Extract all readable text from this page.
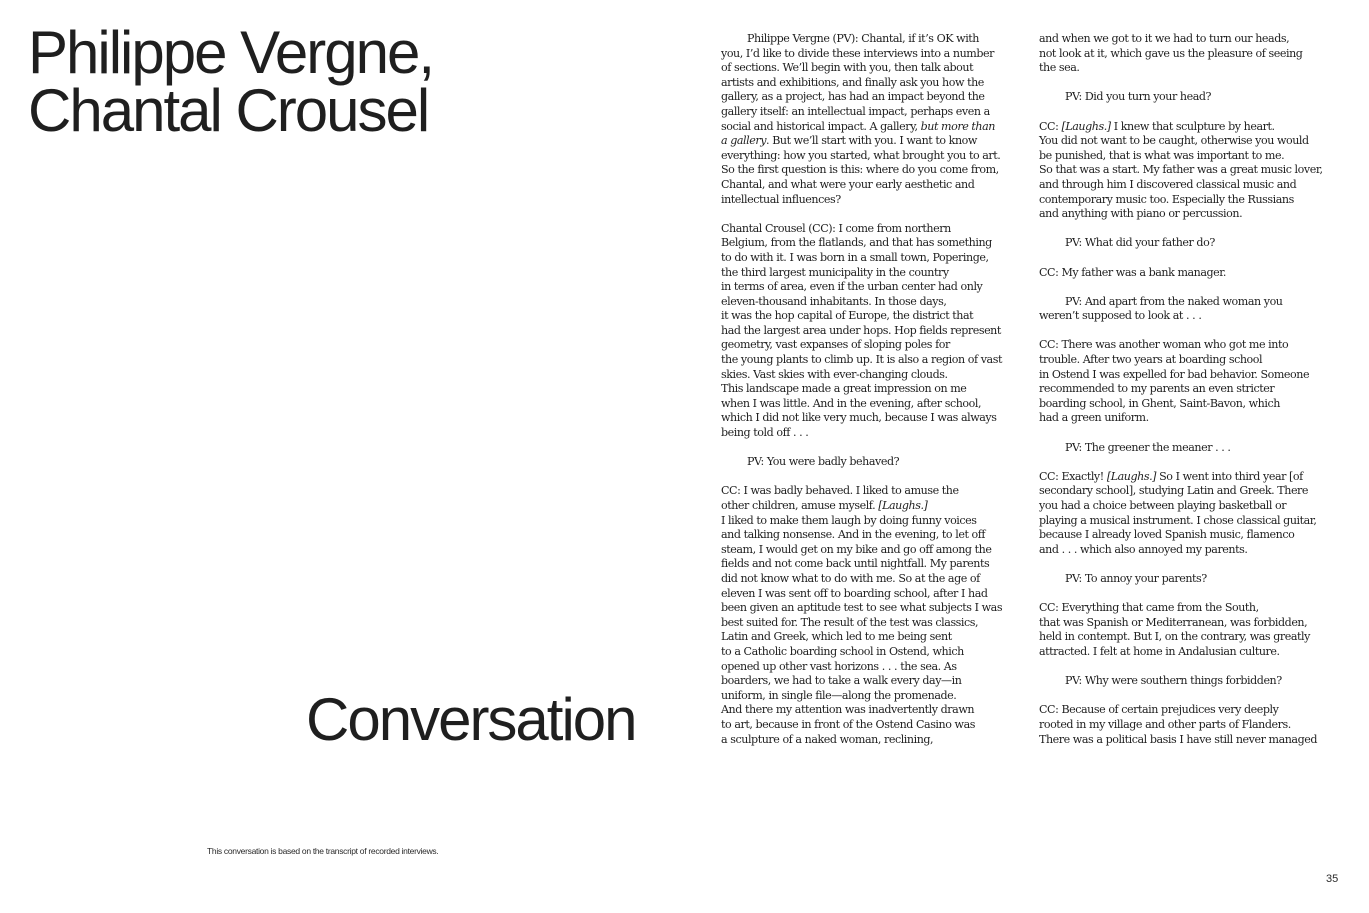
Philippe Vergne,
Chantal Crousel
Conversation
This conversation is based on the transcript of recorded interviews.
35

Philippe Vergne (PV): Chantal, if it’s OK with
you, I’d like to divide these interviews into a number
of sections. We’ll begin with you, then talk about
artists and exhibitions, and finally ask you how the
gallery, as a project, has had an impact beyond the
gallery itself: an intellectual impact, perhaps even a
social and historical impact. A gallery, but more than
a gallery. But we’ll start with you. I want to know
everything: how you started, what brought you to art.
So the first question is this: where do you come from,
Chantal, and what were your early aesthetic and
intellectual influences?

Chantal Crousel (CC): I come from northern
Belgium, from the flatlands, and that has something
to do with it. I was born in a small town, Poperinge,
the third largest municipality in the country
in terms of area, even if the urban center had only
eleven-thousand inhabitants. In those days,
it was the hop capital of Europe, the district that
had the largest area under hops. Hop fields represent
geometry, vast expanses of sloping poles for
the young plants to climb up. It is also a region of vast
skies. Vast skies with ever-changing clouds.
This landscape made a great impression on me
when I was little. And in the evening, after school,
which I did not like very much, because I was always
being told off . . .

PV: You were badly behaved?

CC: I was badly behaved. I liked to amuse the
other children, amuse myself. [Laughs.]
I liked to make them laugh by doing funny voices
and talking nonsense. And in the evening, to let off
steam, I would get on my bike and go off among the
fields and not come back until nightfall. My parents
did not know what to do with me. So at the age of
eleven I was sent off to boarding school, after I had
been given an aptitude test to see what subjects I was
best suited for. The result of the test was classics,
Latin and Greek, which led to me being sent
to a Catholic boarding school in Ostend, which
opened up other vast horizons . . . the sea. As
boarders, we had to take a walk every day—in
uniform, in single file—along the promenade.
And there my attention was inadvertently drawn
to art, because in front of the Ostend Casino was
a sculpture of a naked woman, reclining,

and when we got to it we had to turn our heads,
not look at it, which gave us the pleasure of seeing
the sea.

PV: Did you turn your head?

CC: [Laughs.] I knew that sculpture by heart.
You did not want to be caught, otherwise you would
be punished, that is what was important to me.
So that was a start. My father was a great music lover,
and through him I discovered classical music and
contemporary music too. Especially the Russians
and anything with piano or percussion.

PV: What did your father do?

CC: My father was a bank manager.

PV: And apart from the naked woman you
weren’t supposed to look at . . .

CC: There was another woman who got me into
trouble. After two years at boarding school
in Ostend I was expelled for bad behavior. Someone
recommended to my parents an even stricter
boarding school, in Ghent, Saint-Bavon, which
had a green uniform.

PV: The greener the meaner . . .

CC: Exactly! [Laughs.] So I went into third year [of
secondary school], studying Latin and Greek. There
you had a choice between playing basketball or
playing a musical instrument. I chose classical guitar,
because I already loved Spanish music, flamenco
and . . . which also annoyed my parents.

PV: To annoy your parents?

CC: Everything that came from the South,
that was Spanish or Mediterranean, was forbidden,
held in contempt. But I, on the contrary, was greatly
attracted. I felt at home in Andalusian culture.

PV: Why were southern things forbidden?

CC: Because of certain prejudices very deeply
rooted in my village and other parts of Flanders.
There was a political basis I have still never managed
